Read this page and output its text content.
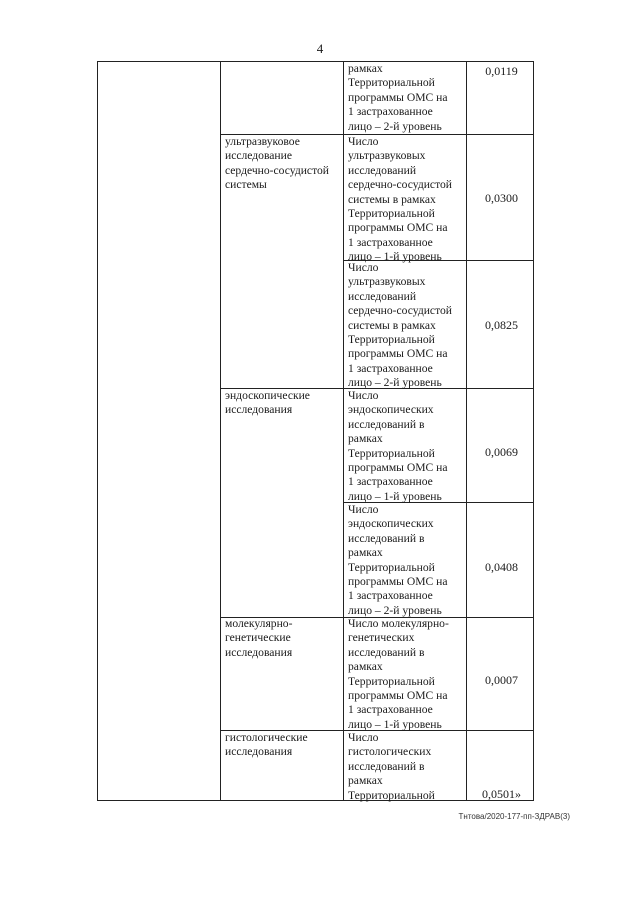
4
рамках
Территориальной
программы ОМС на
1 застрахованное
лицо – 2-й уровень
0,0119
ультразвуковое
исследование
сердечно-сосудистой
системы
Число
ультразвуковых
исследований
сердечно-сосудистой
системы в рамках
Территориальной
программы ОМС на
1 застрахованное
лицо – 1-й уровень
0,0300
Число
ультразвуковых
исследований
сердечно-сосудистой
системы в рамках
Территориальной
программы ОМС на
1 застрахованное
лицо – 2-й уровень
0,0825
эндоскопические
исследования
Число
эндоскопических
исследований в
рамках
Территориальной
программы ОМС на
1 застрахованное
лицо – 1-й уровень
0,0069
Число
эндоскопических
исследований в
рамках
Территориальной
программы ОМС на
1 застрахованное
лицо – 2-й уровень
0,0408
молекулярно-
генетические
исследования
Число молекулярно-
генетических
исследований в
рамках
Территориальной
программы ОМС на
1 застрахованное
лицо – 1-й уровень
0,0007
гистологические
исследования
Число
гистологических
исследований в
рамках
Территориальной	0,0501»
Тнтова/2020-177-пп-ЗДРАВ(3)
